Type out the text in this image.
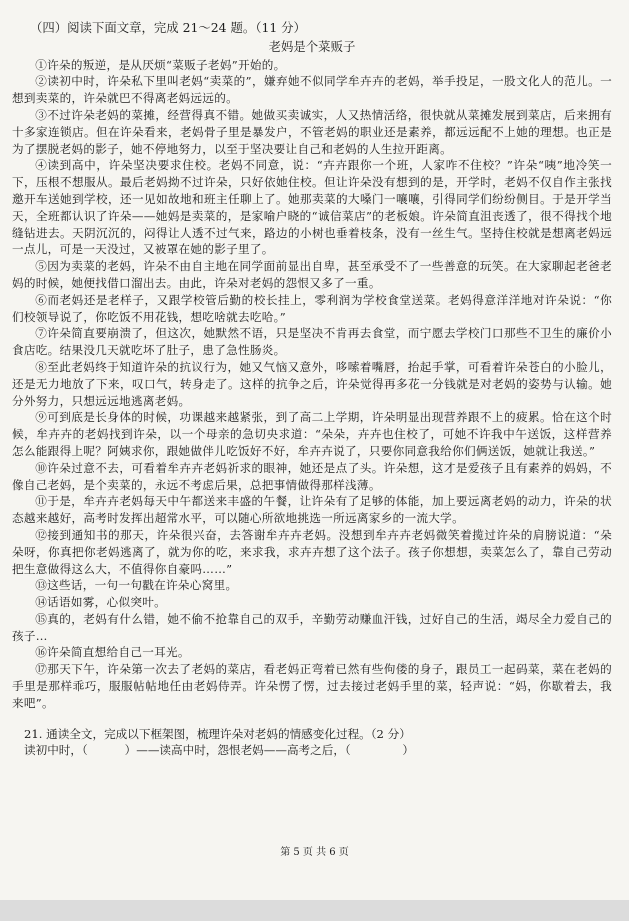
（四）阅读下面文章，完成 21～24 题。（11 分）

老妈是个菜贩子

①许朵的叛逆，是从厌烦“菜贩子老妈”开始的。

②读初中时，许朵私下里叫老妈“卖菜的”，嫌弃她不似同学牟卉卉的老妈，举手投足，一股文化人的范儿。一想到卖菜的，许朵就巴不得离老妈远远的。

③不过许朵老妈的菜摊，经营得真不错。她做买卖诚实，人又热情活络，很快就从菜摊发展到菜店，后来拥有十多家连锁店。但在许朵看来，老妈骨子里是暴发户，不管老妈的职业还是素养，都远远配不上她的理想。也正是为了摆脱老妈的影子，她不停地努力，以至于坚决要让自己和老妈的人生拉开距离。

④读到高中，许朵坚决要求住校。老妈不同意，说：“卉卉跟你一个班，人家咋不住校？”许朵“咦”地冷笑一下，压根不想服从。最后老妈拗不过许朵，只好依她住校。但让许朵没有想到的是，开学时，老妈不仅自作主张找邀开车送她到学校，还一见如故地和班主任聊上了。她那卖菜的大嗓门一嚷嚷，引得同学们纷纷侧目。于是开学当天，全班都认识了许朵——她妈是卖菜的，是家喻户晓的“诚信菜店”的老板娘。许朵简直沮丧透了，很不得找个地缝钻进去。天阴沉沉的，闷得让人透不过气来，路边的小树也垂着枝条，没有一丝生气。坚持住校就是想离老妈远一点儿，可是一天没过，又被罩在她的影子里了。

⑤因为卖菜的老妈，许朵不由自主地在同学面前显出自卑，甚至承受不了一些善意的玩笑。在大家聊起老爸老妈的时候，她便找借口溜出去。由此，许朵对老妈的怨恨又多了一重。

⑥而老妈还是老样子，又跟学校管后勤的校长挂上，零利润为学校食堂送菜。老妈得意洋洋地对许朵说：“你们校领导说了，你吃饭不用花钱，想吃啥就去吃哈。”

⑦许朵简直要崩溃了，但这次，她默然不语，只是坚决不肯再去食堂，而宁愿去学校门口那些不卫生的廉价小食店吃。结果没几天就吃坏了肚子，患了急性肠炎。

⑧至此老妈终于知道许朵的抗议行为，她又气恼又意外，哆嗦着嘴唇，抬起手掌，可看着许朵苍白的小脸儿，还是无力地放了下来，叹口气，转身走了。这样的抗争之后，许朵觉得再多花一分钱就是对老妈的姿势与认输。她分外努力，只想远远地逃离老妈。

⑨可到底是长身体的时候，功课越来越紧张，到了高二上学期，许朵明显出现营养跟不上的疲累。恰在这个时候，牟卉卉的老妈找到许朵，以一个母亲的急切央求道：“朵朵，卉卉也住校了，可她不许我中午送饭，这样营养怎么能跟得上呢？阿姨求你，跟她做伴儿吃饭好不好，牟卉卉说了，只要你同意我给你们俩送饭，她就让我送。”

⑩许朵过意不去，可看着牟卉卉老妈祈求的眼神，她还是点了头。许朵想，这才是爱孩子且有素养的妈妈，不像自己老妈，是个卖菜的，永远不考虑后果，总把事情做得那样浅薄。

⑪于是，牟卉卉老妈每天中午都送来丰盛的午餐，让许朵有了足够的体能，加上要远离老妈的动力，许朵的状态越来越好，高考时发挥出超常水平，可以随心所欲地挑选一所远离家乡的一流大学。

⑫接到通知书的那天，许朵很兴奋，去答谢牟卉卉老妈。没想到牟卉卉老妈微笑着揽过许朵的肩膀说道：“朵朵呀，你真把你老妈逃离了，就为你的吃，来求我，求卉卉想了这个法子。孩子你想想，卖菜怎么了，靠自己劳动把生意做得这么大，不值得你自豪吗……”

⑬这些话，一句一句戳在许朵心窝里。

⑭话语如雾，心似突叶。

⑮真的，老妈有什么错，她不偷不抢靠自己的双手，辛勤劳动赚血汗钱，过好自己的生活，竭尽全力爱自己的孩子…

⑯许朵简直想给自己一耳光。

⑰那天下午，许朵第一次去了老妈的菜店，看老妈正弯着已然有些佝偻的身子，跟员工一起码菜，菜在老妈的手里是那样乖巧，服服帖帖地任由老妈侍弄。许朵愣了愣，过去接过老妈手里的菜，轻声说：“妈，你歇着去，我来吧”。

21. 通读全文，完成以下框架图，梳理许朵对老妈的情感变化过程。（2 分）

读初中时，（
	）——读高中时，怨恨老妈——高考之后，（
	）
第 5 页 共 6 页
